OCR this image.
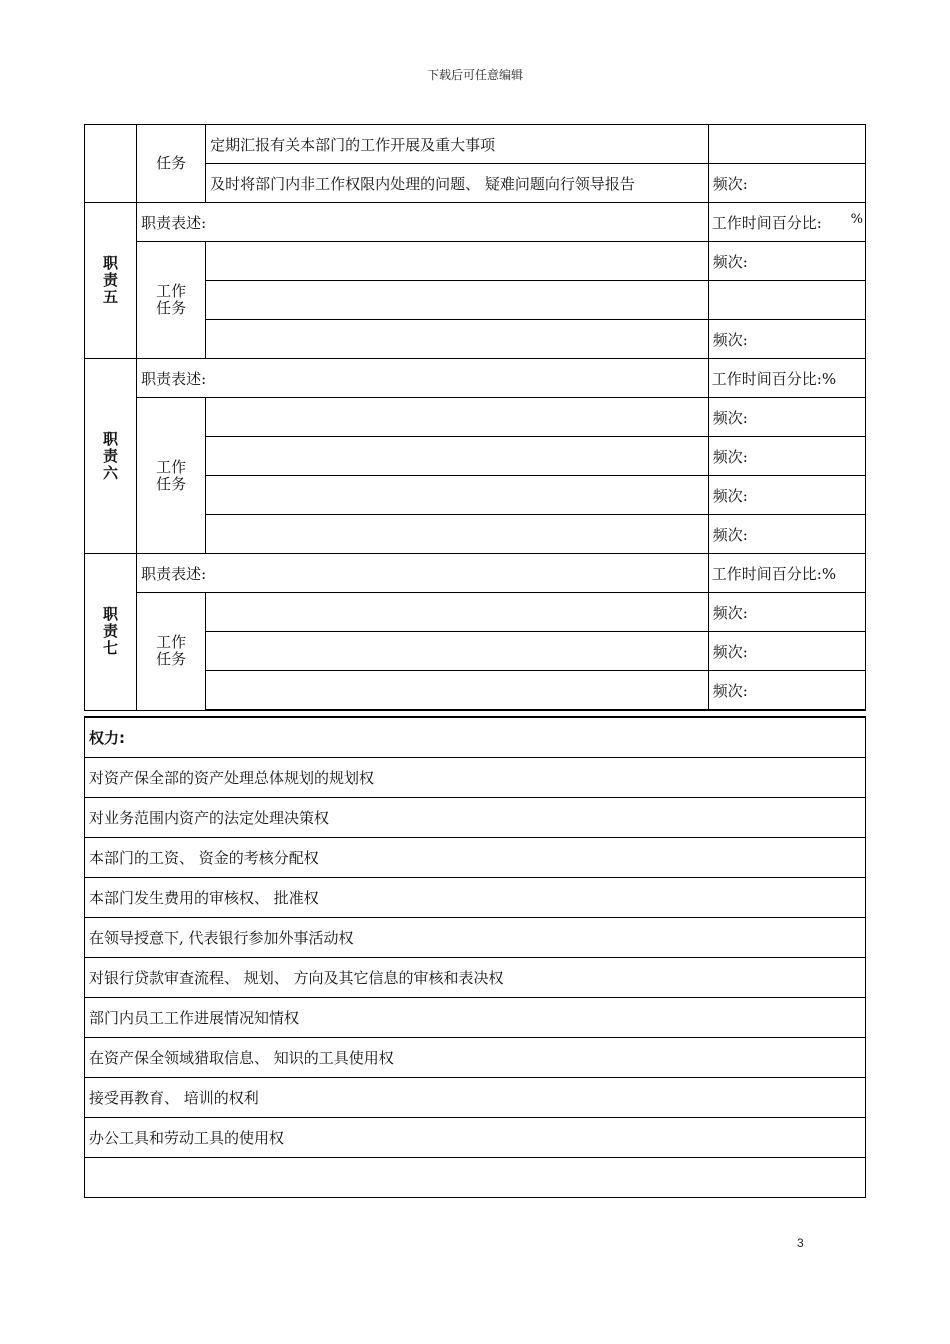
下载后可任意编辑

	任务	定期汇报有关本部门的工作开展及重大事项	
		及时将部门内非工作权限内处理的问题、 疑难问题向行领导报告	频次:

职
责
五	职责表述:		工作时间百分比: %

	工作
任务		频次:

			频次:

职
责
六	职责表述:		工作时间百分比:%

	工作
任务		频次:
			频次:
			频次:
			频次:

职
责
七	职责表述:		工作时间百分比:%

	工作
任务		频次:
			频次:
			频次:
权力:
对资产保全部的资产处理总体规划的规划权
对业务范围内资产的法定处理决策权
本部门的工资、 资金的考核分配权
本部门发生费用的审核权、 批准权
在领导授意下, 代表银行参加外事活动权
对银行贷款审查流程、 规划、 方向及其它信息的审核和表决权
部门内员工工作进展情况知情权
在资产保全领域猎取信息、 知识的工具使用权
接受再教育、 培训的权利
办公工具和劳动工具的使用权

3
